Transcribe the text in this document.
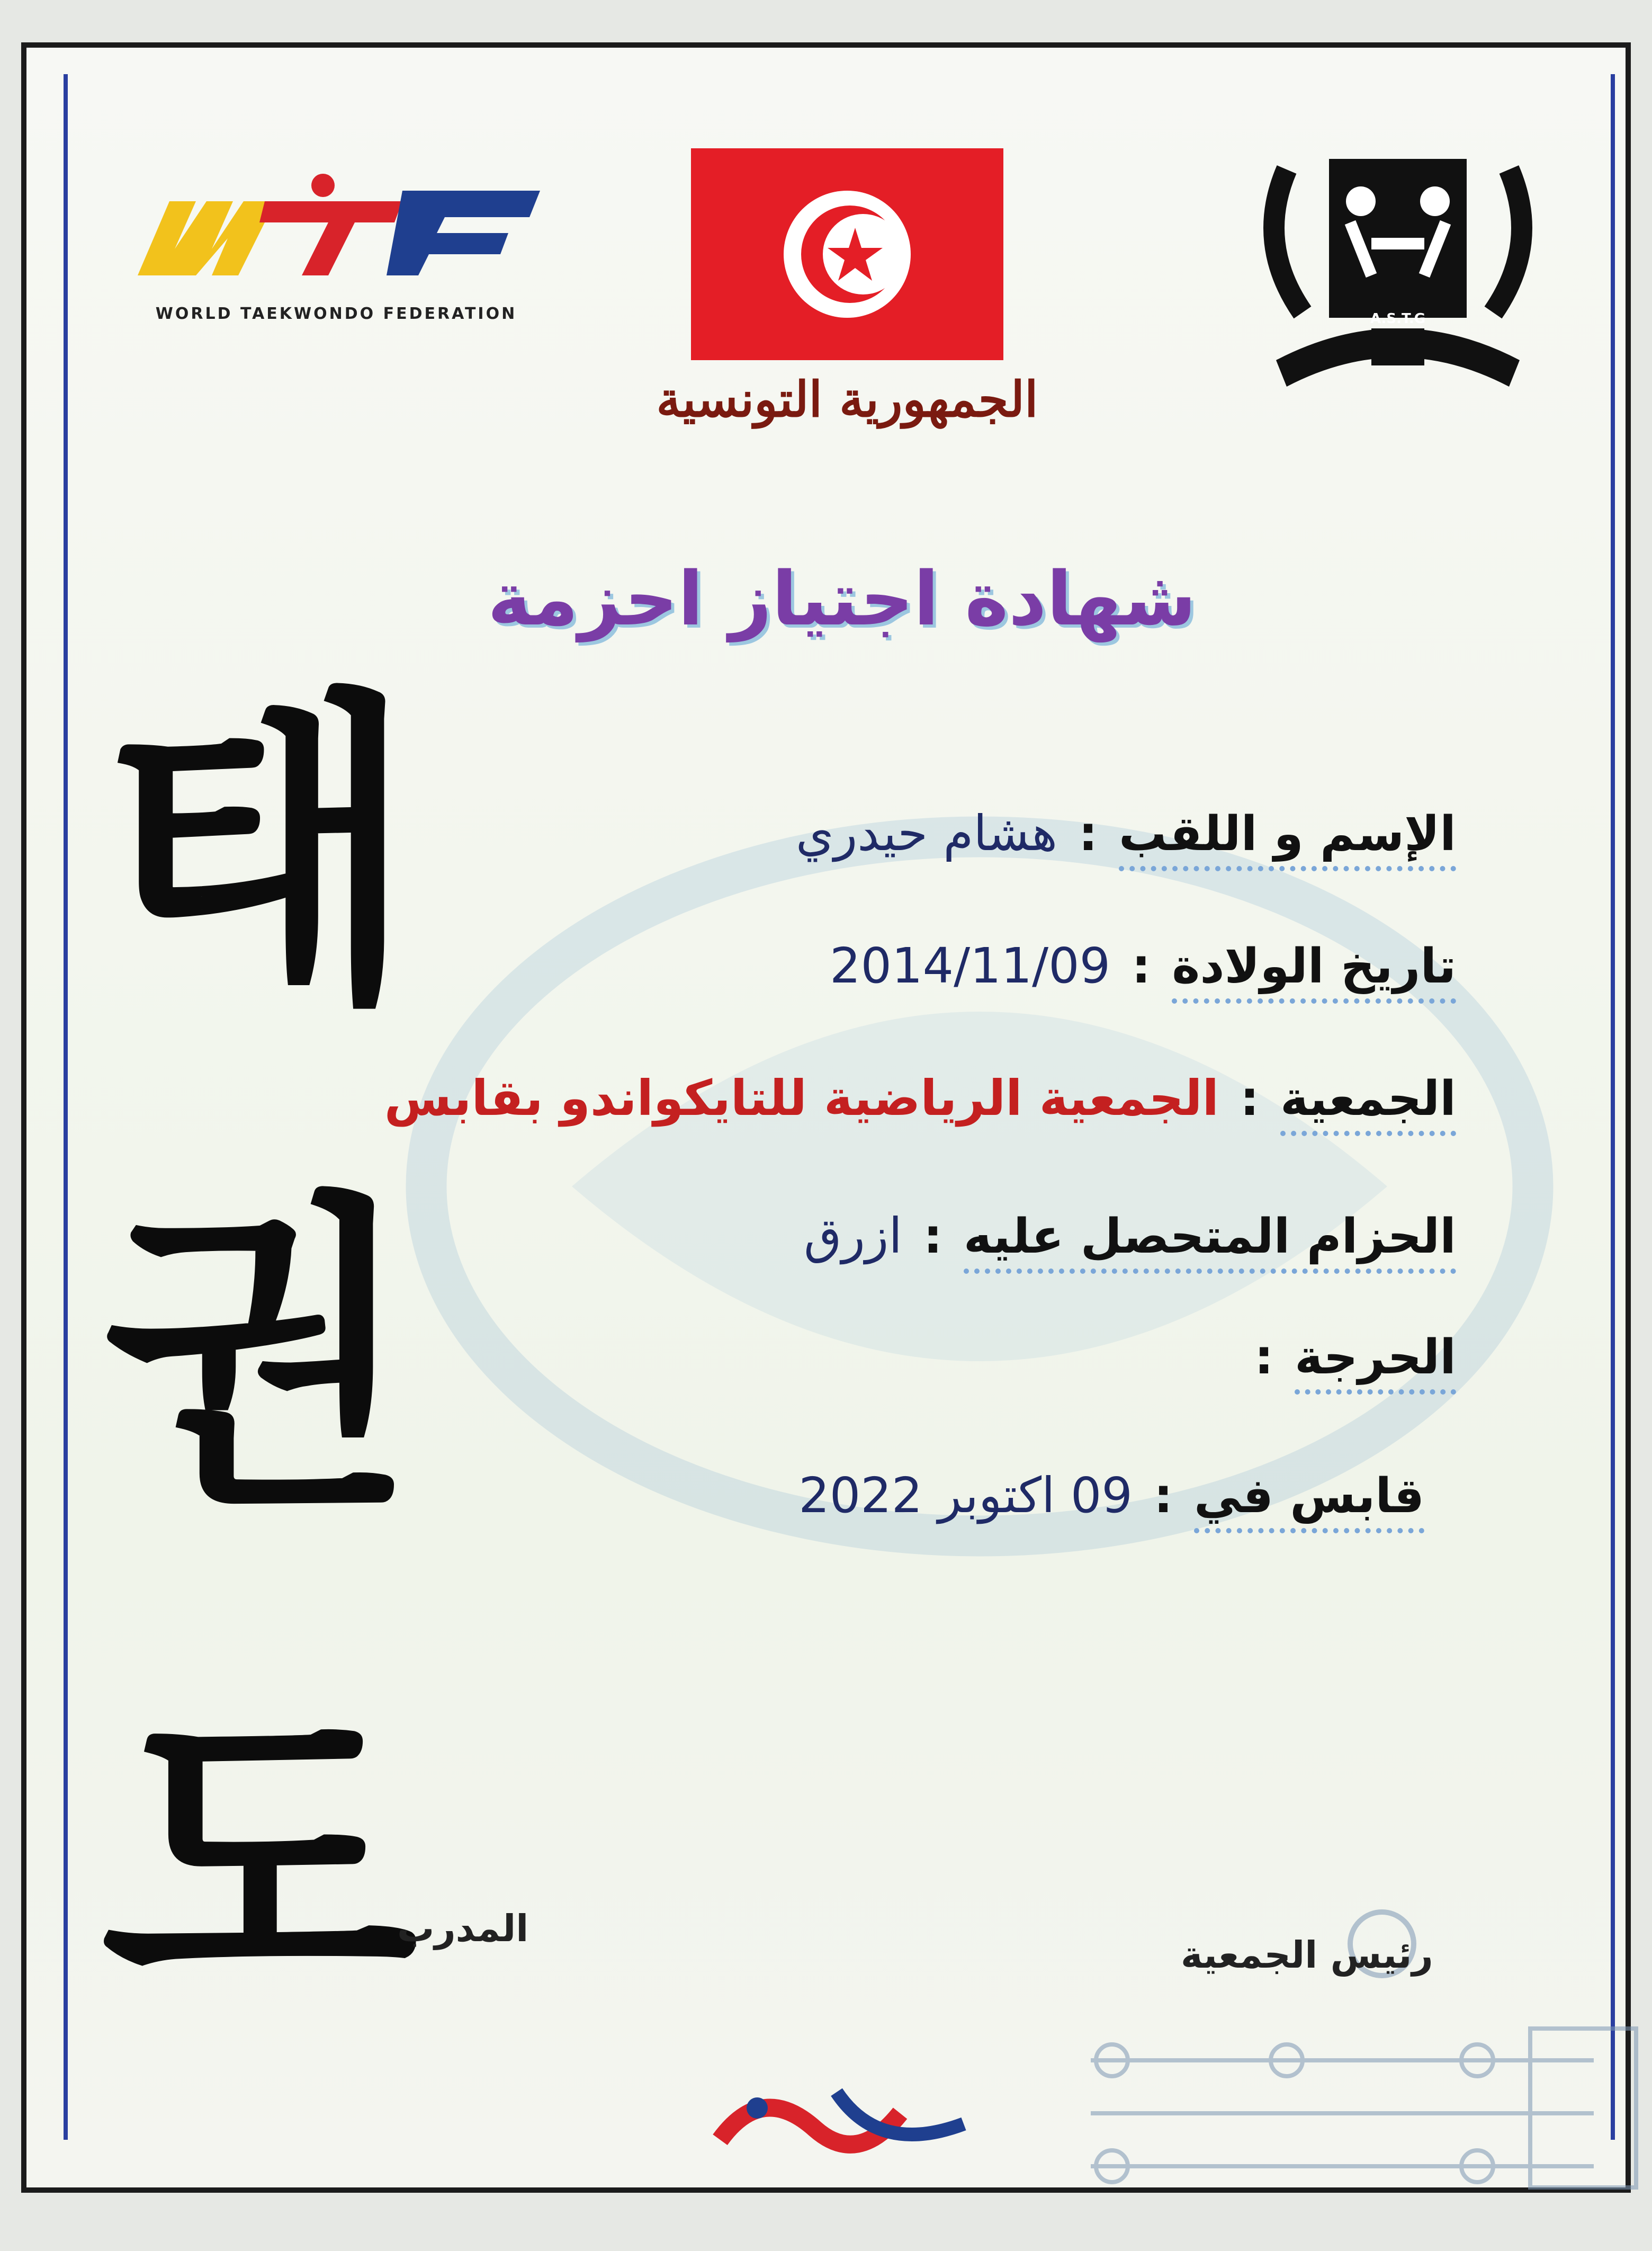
WORLD TAEKWONDO FEDERATION
الجمهورية التونسية
A.S.T.G
شهادة اجتياز احزمة
태
권
도
الإسم و اللقب
:
هشام حيدري
تاريخ الولادة
:
2014/11/09
الجمعية
:
الجمعية الرياضية للتايكواندو بقابس
الحزام المتحصل عليه
:
ازرق
الحرجة
:
قابس في
:
09 اكتوبر 2022
المدرب
رئيس الجمعية
